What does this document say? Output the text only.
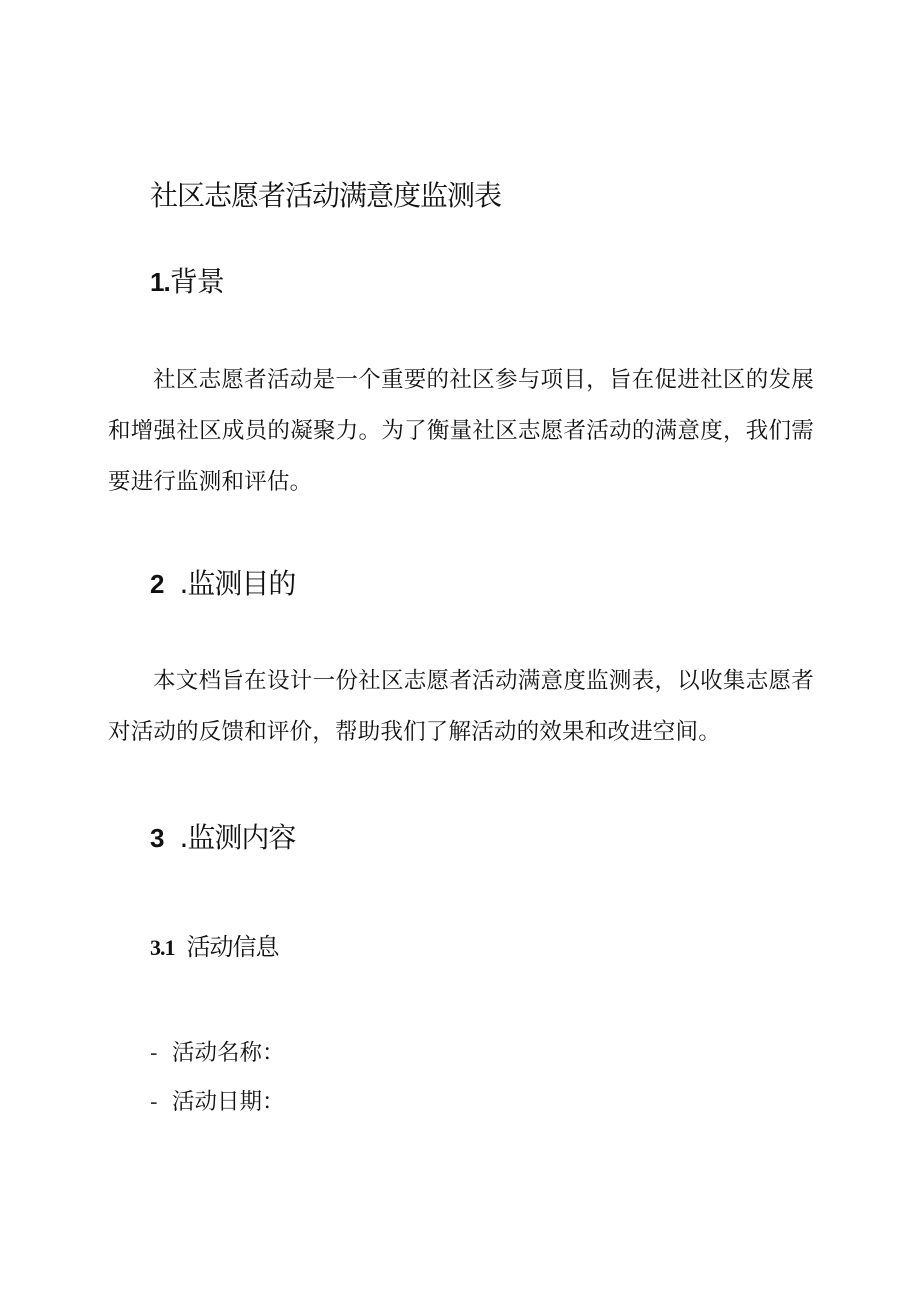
社区志愿者活动满意度监测表
1.背景
社区志愿者活动是一个重要的社区参与项目，旨在促进社区的发展和增强社区成员的凝聚力。为了衡量社区志愿者活动的满意度，我们需要进行监测和评估。
2 .监测目的
本文档旨在设计一份社区志愿者活动满意度监测表，以收集志愿者对活动的反馈和评价，帮助我们了解活动的效果和改进空间。
3 .监测内容
3.1 活动信息
- 活动名称：
- 活动日期：
